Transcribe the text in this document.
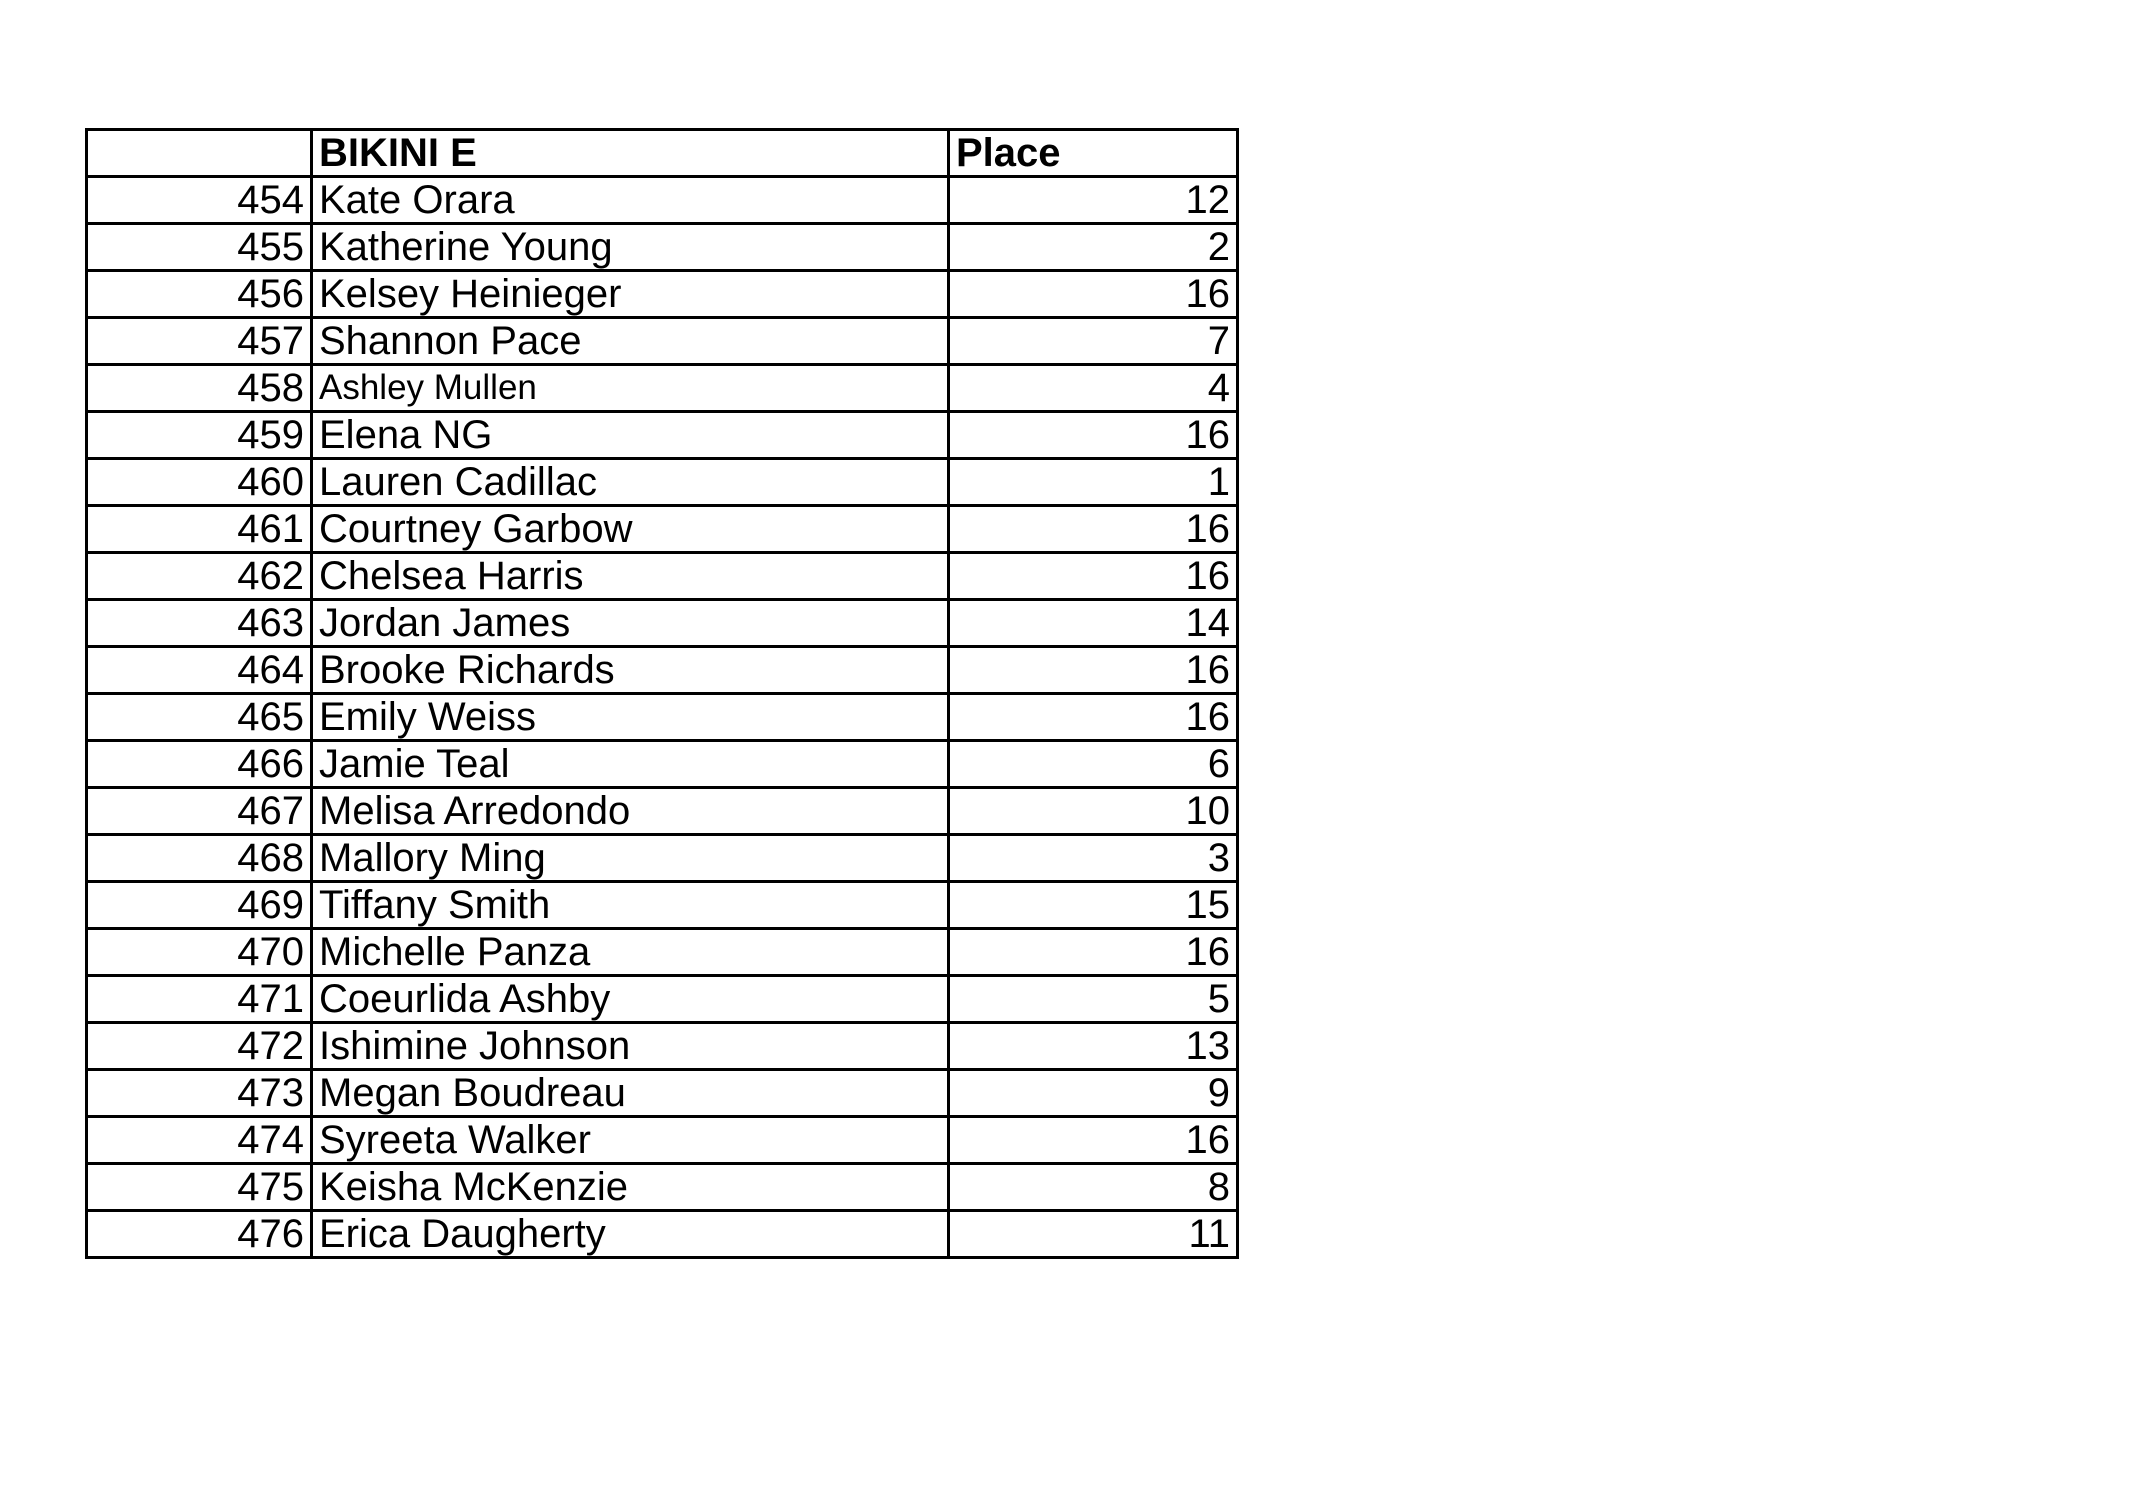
	BIKINI E	Place
454	Kate Orara	12
455	Katherine Young	2
456	Kelsey Heinieger	16
457	Shannon Pace	7
458	Ashley Mullen	4
459	Elena NG	16
460	Lauren Cadillac	1
461	Courtney Garbow	16
462	Chelsea Harris	16
463	Jordan James	14
464	Brooke Richards	16
465	Emily Weiss	16
466	Jamie Teal	6
467	Melisa Arredondo	10
468	Mallory Ming	3
469	Tiffany Smith	15
470	Michelle Panza	16
471	Coeurlida Ashby	5
472	Ishimine Johnson	13
473	Megan Boudreau	9
474	Syreeta Walker	16
475	Keisha McKenzie	8
476	Erica Daugherty	11
